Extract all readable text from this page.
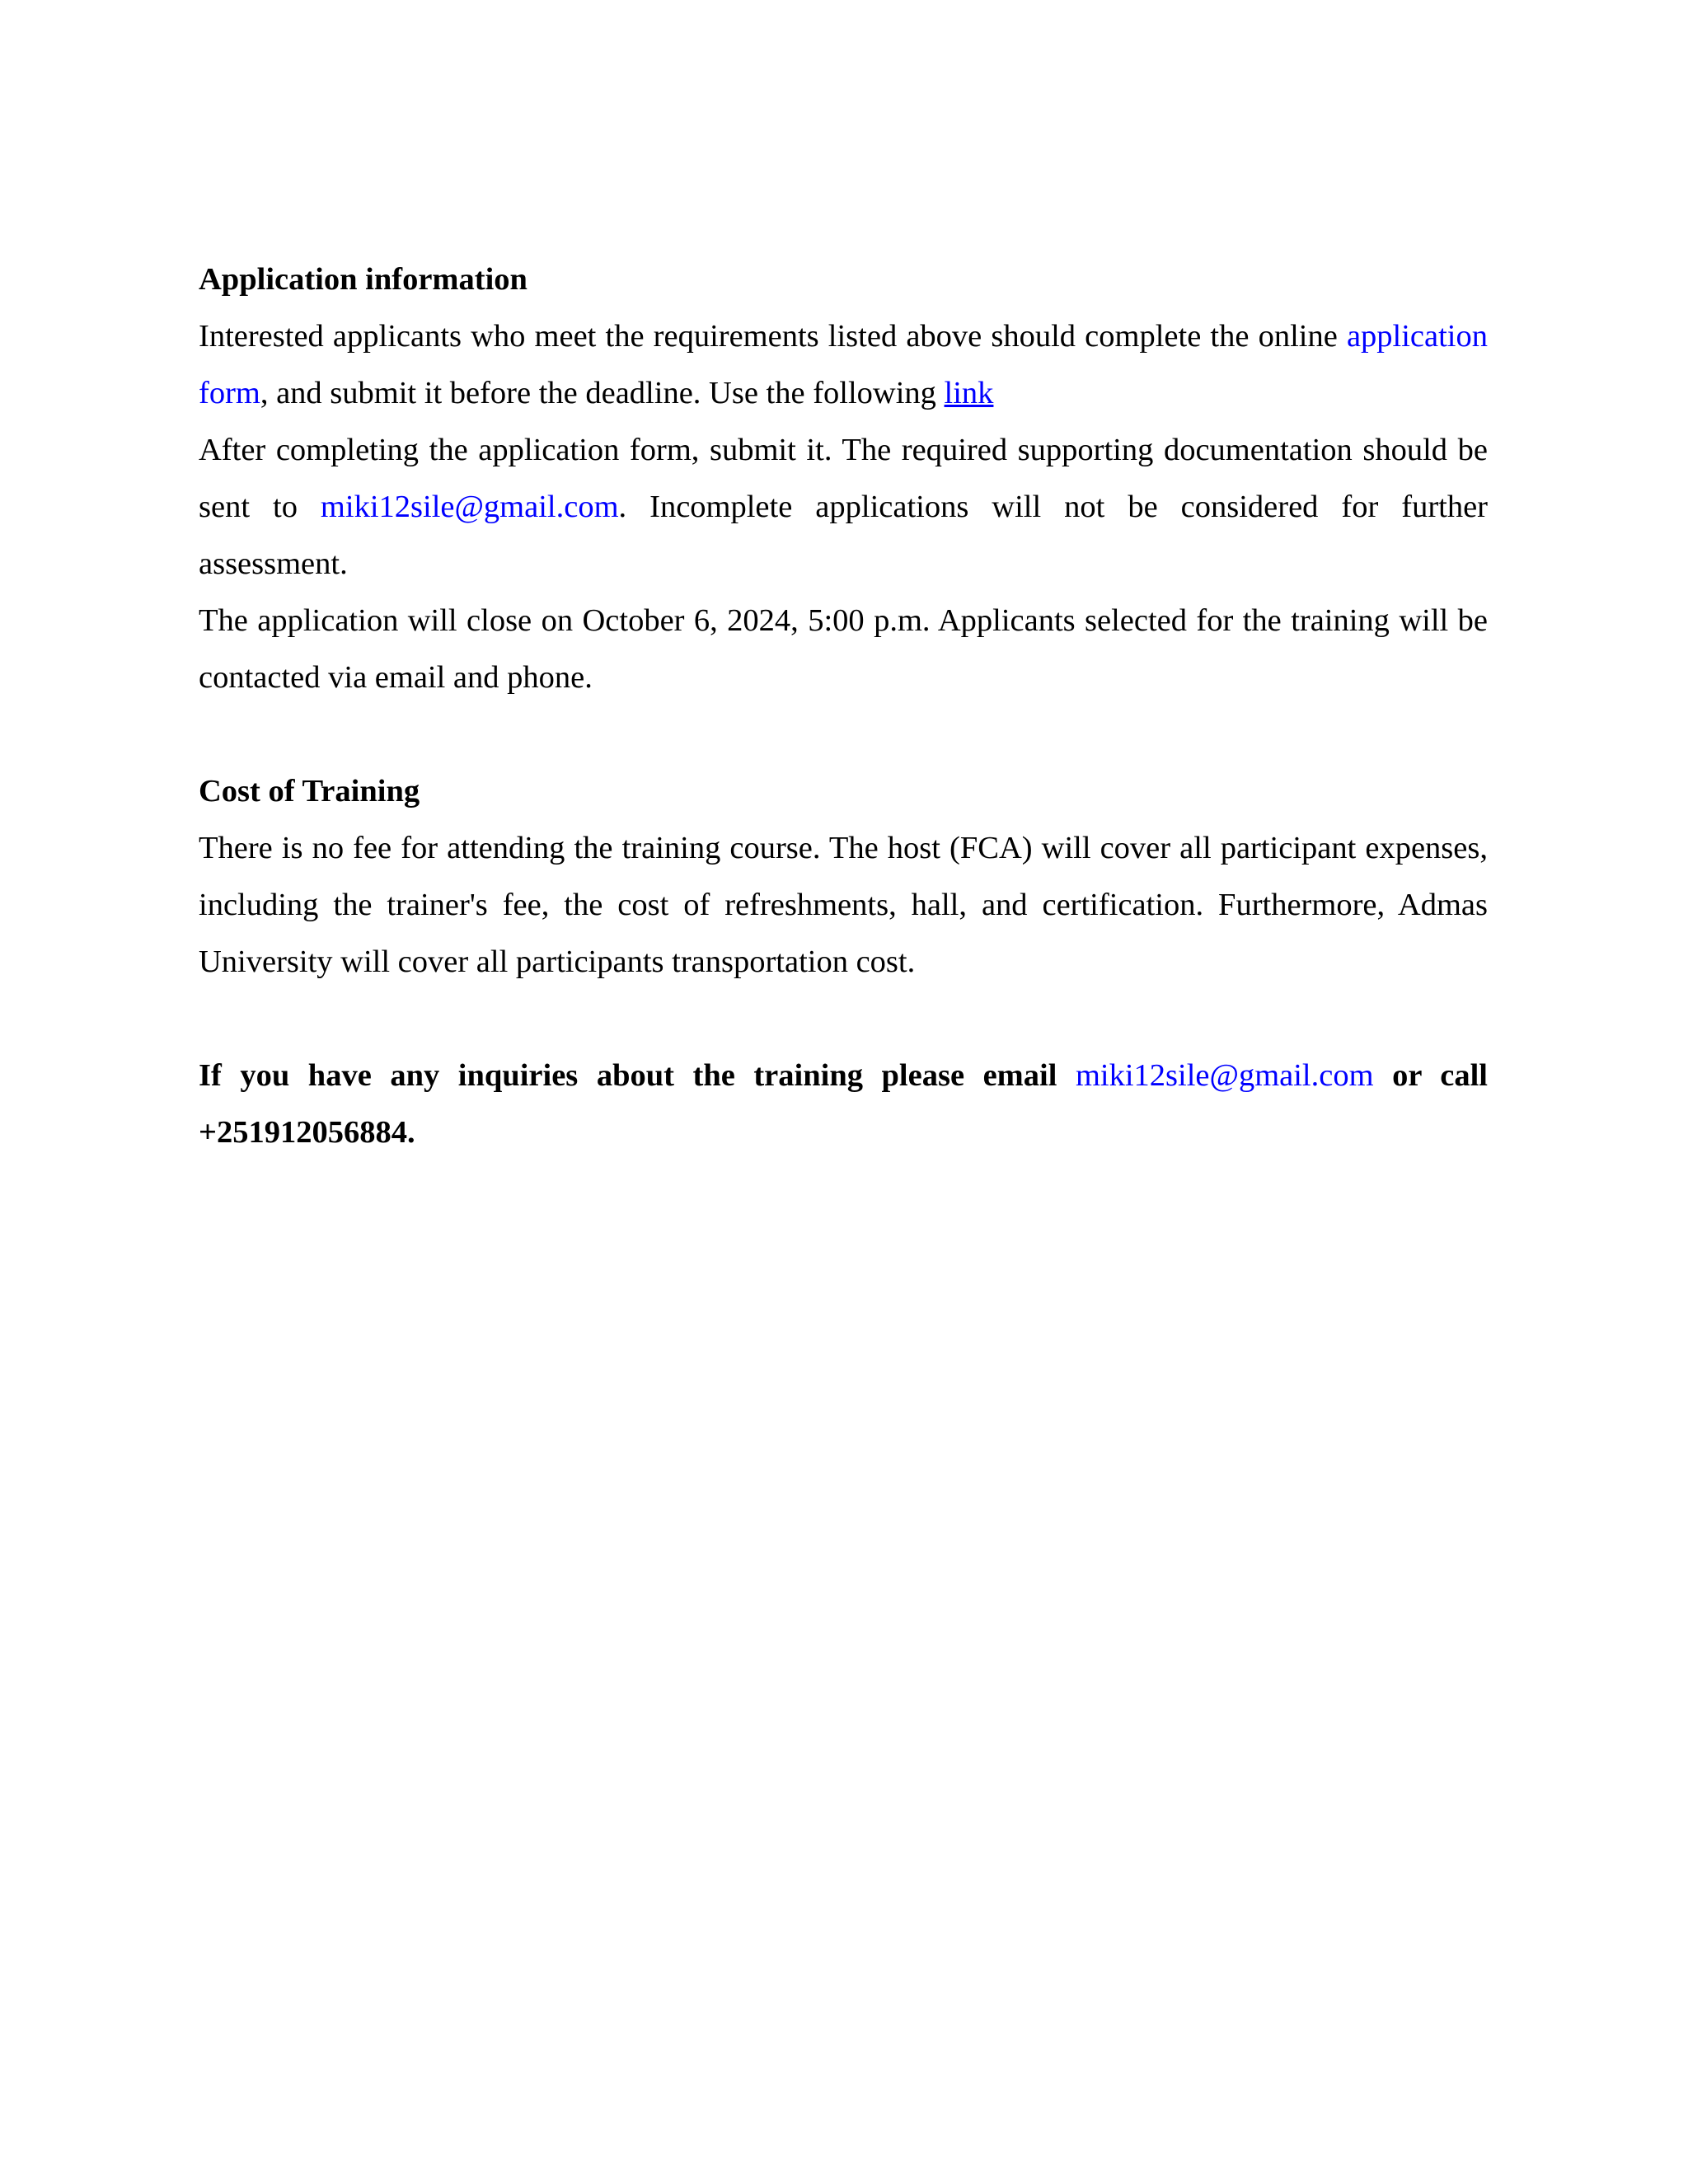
Application information

Interested applicants who meet the requirements listed above should complete the online application form, and submit it before the deadline. Use the following link

After completing the application form, submit it. The required supporting documentation should be sent to miki12sile@gmail.com. Incomplete applications will not be considered for further assessment.

The application will close on October 6, 2024, 5:00 p.m. Applicants selected for the training will be contacted via email and phone.

Cost of Training

There is no fee for attending the training course. The host (FCA) will cover all participant expenses, including the trainer's fee, the cost of refreshments, hall, and certification. Furthermore, Admas University will cover all participants transportation cost.

If you have any inquiries about the training please email miki12sile@gmail.com or call +251912056884.
